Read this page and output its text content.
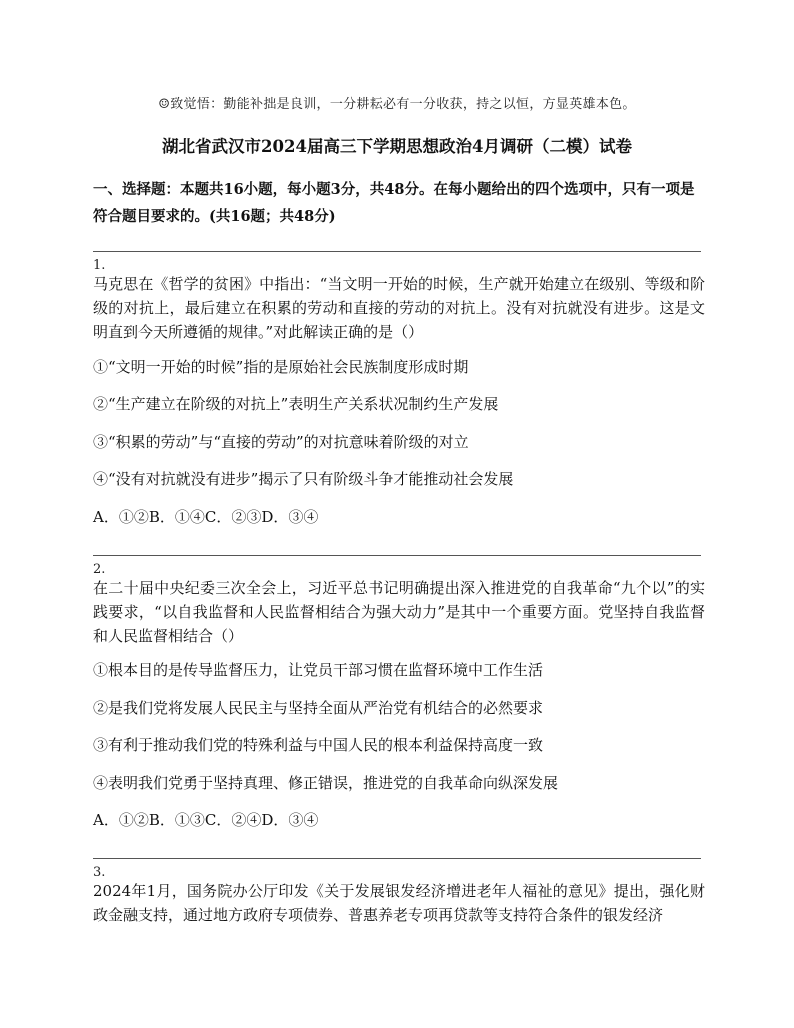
☺致觉悟：勤能补拙是良训，一分耕耘必有一分收获，持之以恒，方显英雄本色。
湖北省武汉市2024届高三下学期思想政治4月调研（二模）试卷
一、选择题：本题共16小题，每小题3分，共48分。在每小题给出的四个选项中，只有一项是符合题目要求的。(共16题；共48分)
1.
马克思在《哲学的贫困》中指出：“当文明一开始的时候，生产就开始建立在级别、等级和阶级的对抗上，最后建立在积累的劳动和直接的劳动的对抗上。没有对抗就没有进步。这是文明直到今天所遵循的规律。”对此解读正确的是（）
①“文明一开始的时候”指的是原始社会民族制度形成时期
②“生产建立在阶级的对抗上”表明生产关系状况制约生产发展
③“积累的劳动”与“直接的劳动”的对抗意味着阶级的对立
④“没有对抗就没有进步”揭示了只有阶级斗争才能推动社会发展
A．①②B．①④C．②③D．③④
2.
在二十届中央纪委三次全会上，习近平总书记明确提出深入推进党的自我革命“九个以”的实践要求，“以自我监督和人民监督相结合为强大动力”是其中一个重要方面。党坚持自我监督和人民监督相结合（）
①根本目的是传导监督压力，让党员干部习惯在监督环境中工作生活
②是我们党将发展人民民主与坚持全面从严治党有机结合的必然要求
③有利于推动我们党的特殊利益与中国人民的根本利益保持高度一致
④表明我们党勇于坚持真理、修正错误，推进党的自我革命向纵深发展
A．①②B．①③C．②④D．③④
3.
2024年1月，国务院办公厅印发《关于发展银发经济增进老年人福祉的意见》提出，强化财政金融支持，通过地方政府专项债券、普惠养老专项再贷款等支持符合条件的银发经济
